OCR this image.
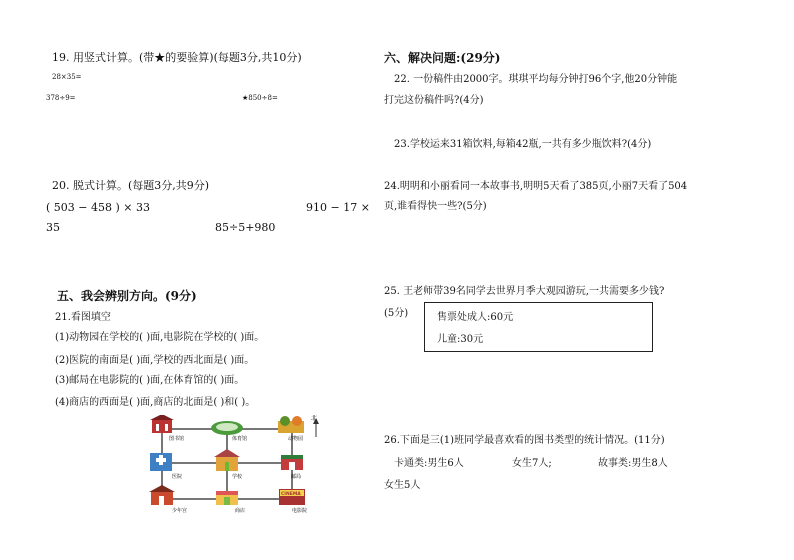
19. 用竖式计算。(带★的要验算)(每题3分,共10分)
28×35=
378÷9=	★850÷8=
20. 脱式计算。(每题3分,共9分)
( 503 − 458 ) × 33	910 − 17 ×
35	85÷5+980
五、我会辨别方向。(9分)
21.看图填空
(1)动物园在学校的( )面,电影院在学校的( )面。
(2)医院的南面是( )面,学校的西北面是( )面。
(3)邮局在电影院的( )面,在体育馆的( )面。
(4)商店的西面是( )面,商店的北面是( )和( )。
北
图书馆	体育馆	动物园
医院	学校	邮局
少年宫	商店
CINEMA
电影院
六、解决问题:(29分)
22. 一份稿件由2000字。琪琪平均每分钟打96个字,他20分钟能
打完这份稿件吗?(4分)
23.学校运来31箱饮料,每箱42瓶,一共有多少瓶饮料?(4分)
24.明明和小丽看同一本故事书,明明5天看了385页,小丽7天看了504
页,谁看得快一些?(5分)
25. 王老师带39名同学去世界月季大观园游玩,一共需要多少钱?
(5分)	售票处成人:60元
儿童:30元
26.下面是三(1)班同学最喜欢看的图书类型的统计情况。(11分)
卡通类:男生6人	女生7人;	故事类:男生8人
女生5人
